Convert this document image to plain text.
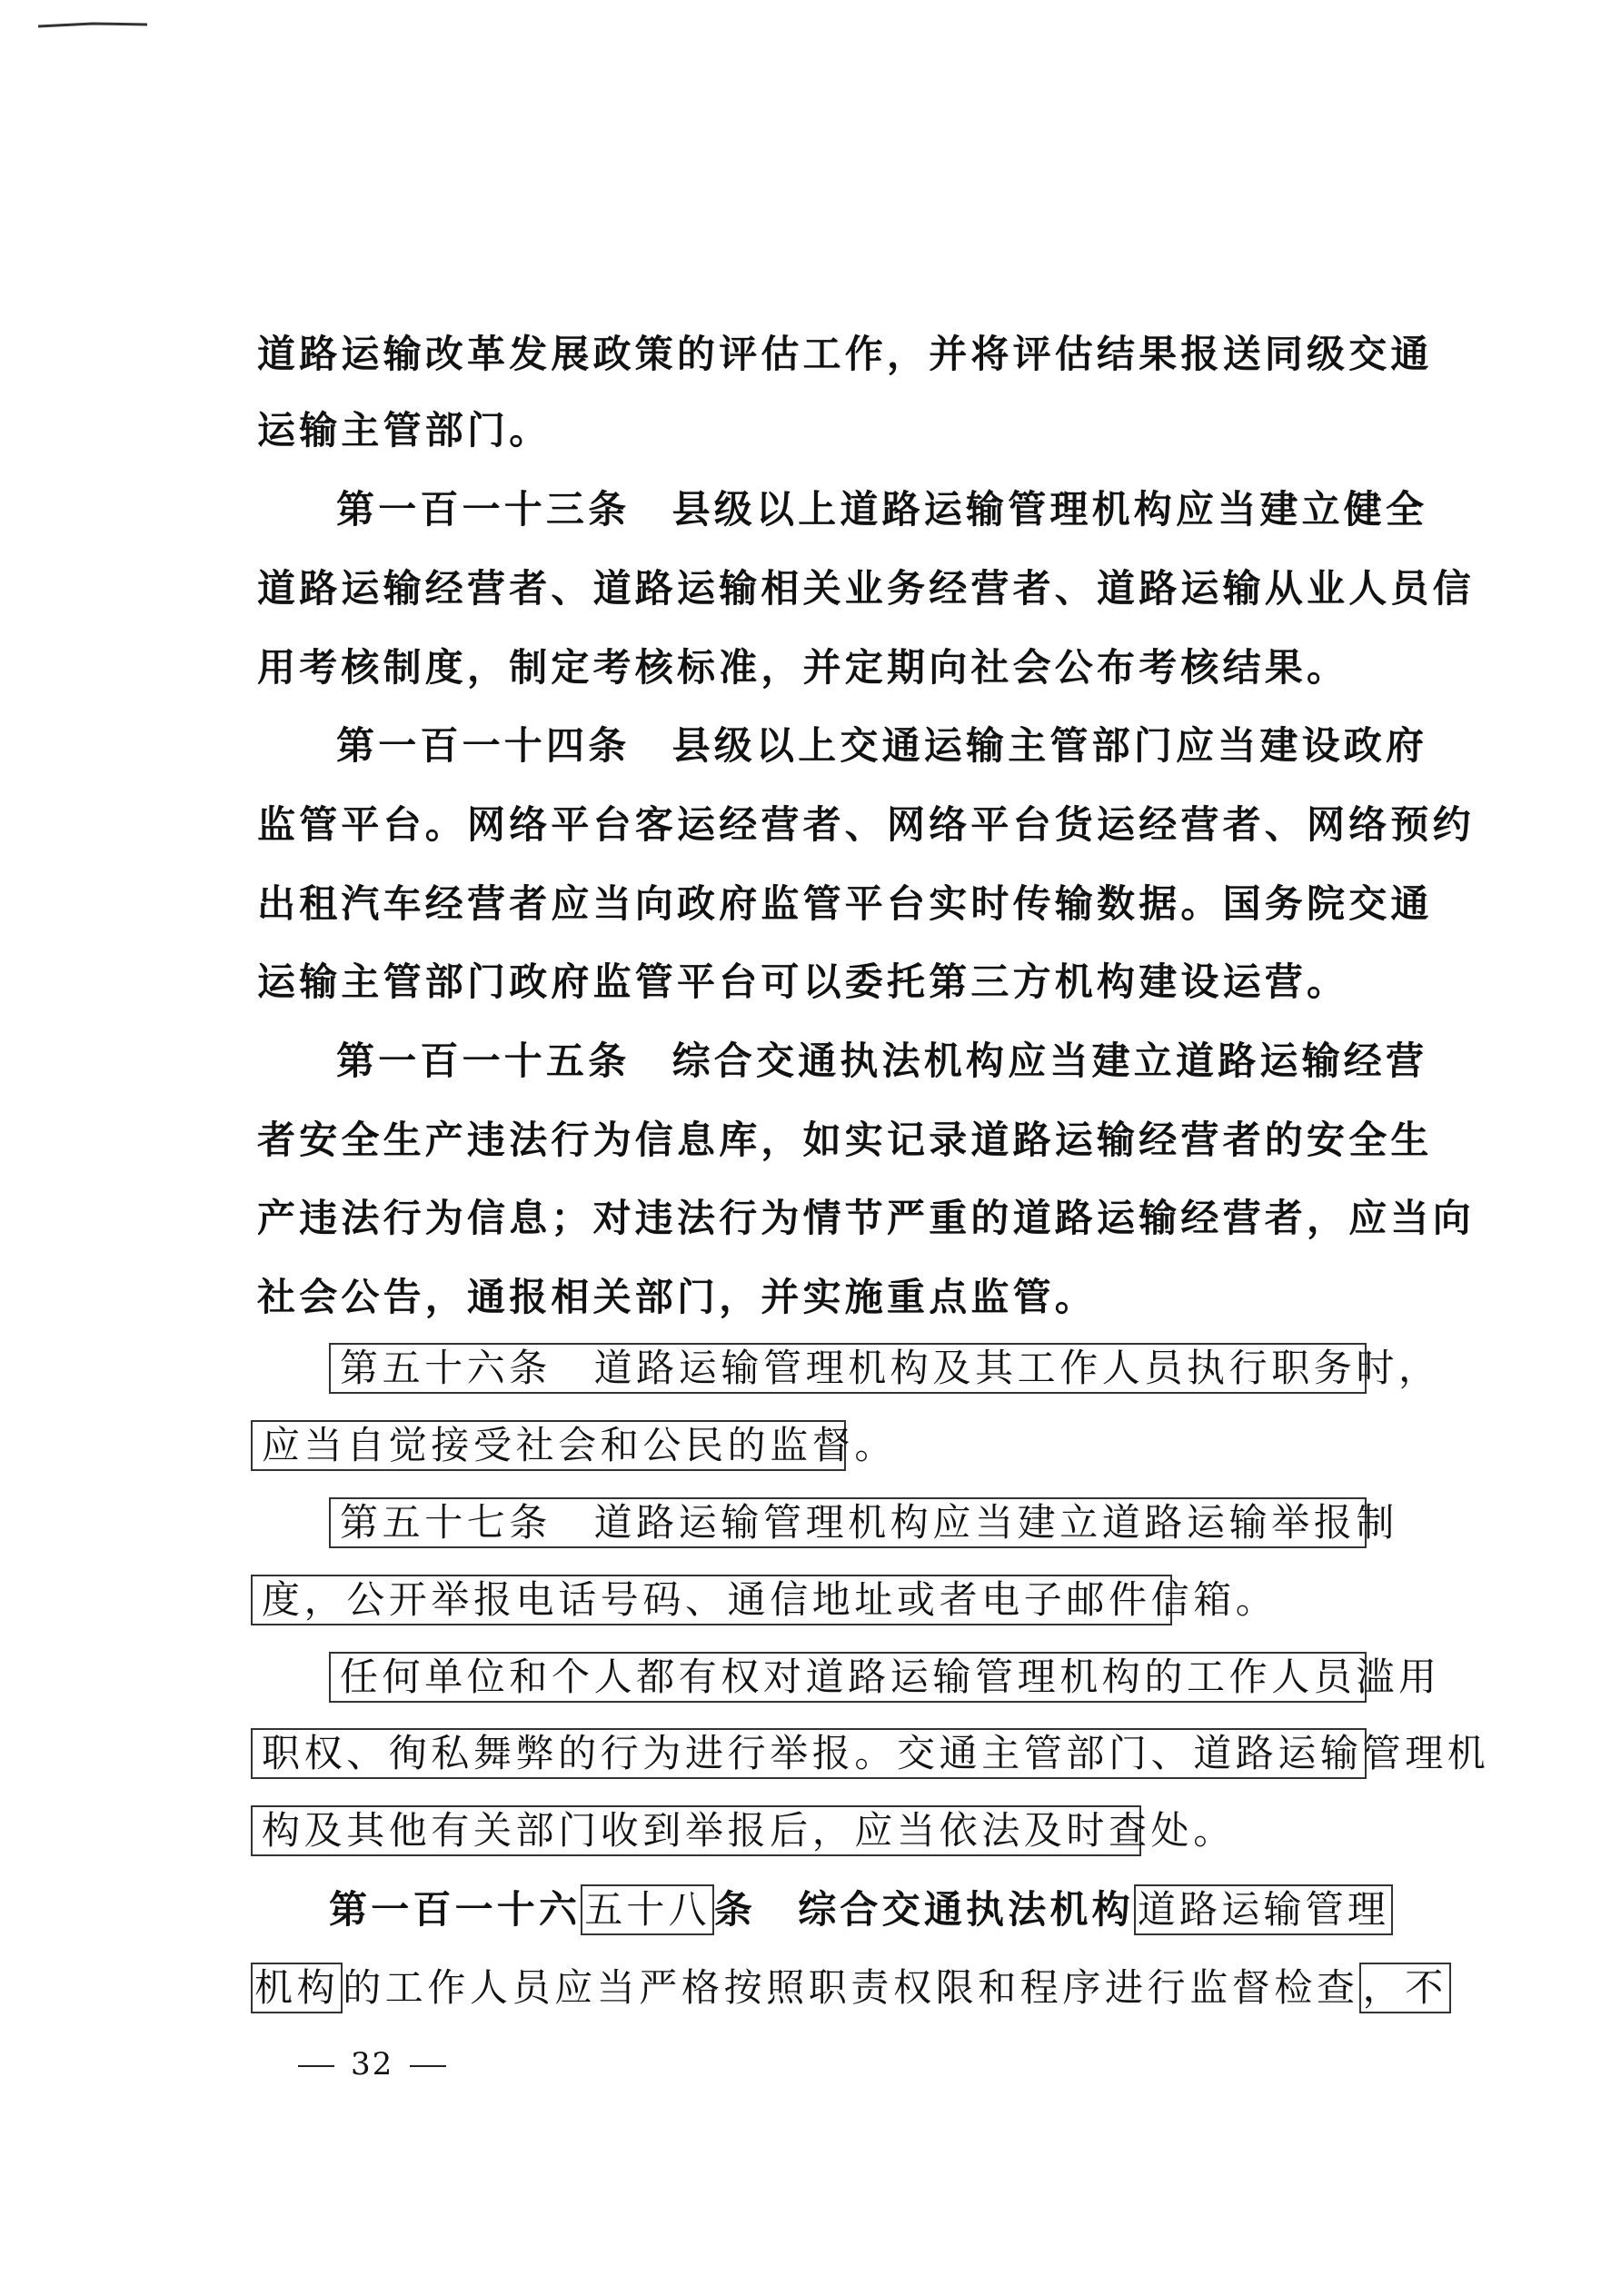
道路运输改革发展政策的评估工作，并将评估结果报送同级交通
运输主管部门。
第一百一十三条　县级以上道路运输管理机构应当建立健全
道路运输经营者、道路运输相关业务经营者、道路运输从业人员信
用考核制度，制定考核标准，并定期向社会公布考核结果。
第一百一十四条　县级以上交通运输主管部门应当建设政府
监管平台。网络平台客运经营者、网络平台货运经营者、网络预约
出租汽车经营者应当向政府监管平台实时传输数据。国务院交通
运输主管部门政府监管平台可以委托第三方机构建设运营。
第一百一十五条　综合交通执法机构应当建立道路运输经营
者安全生产违法行为信息库，如实记录道路运输经营者的安全生
产违法行为信息；对违法行为情节严重的道路运输经营者，应当向
社会公告，通报相关部门，并实施重点监管。
第五十六条　道路运输管理机构及其工作人员执行职务时，
应当自觉接受社会和公民的监督。
第五十七条　道路运输管理机构应当建立道路运输举报制
度，公开举报电话号码、通信地址或者电子邮件信箱。
任何单位和个人都有权对道路运输管理机构的工作人员滥用
职权、徇私舞弊的行为进行举报。交通主管部门、道路运输管理机
构及其他有关部门收到举报后，应当依法及时查处。
第一百一十六五十八条　综合交通执法机构道路运输管理
机构的工作人员应当严格按照职责权限和程序进行监督检查，不
32
